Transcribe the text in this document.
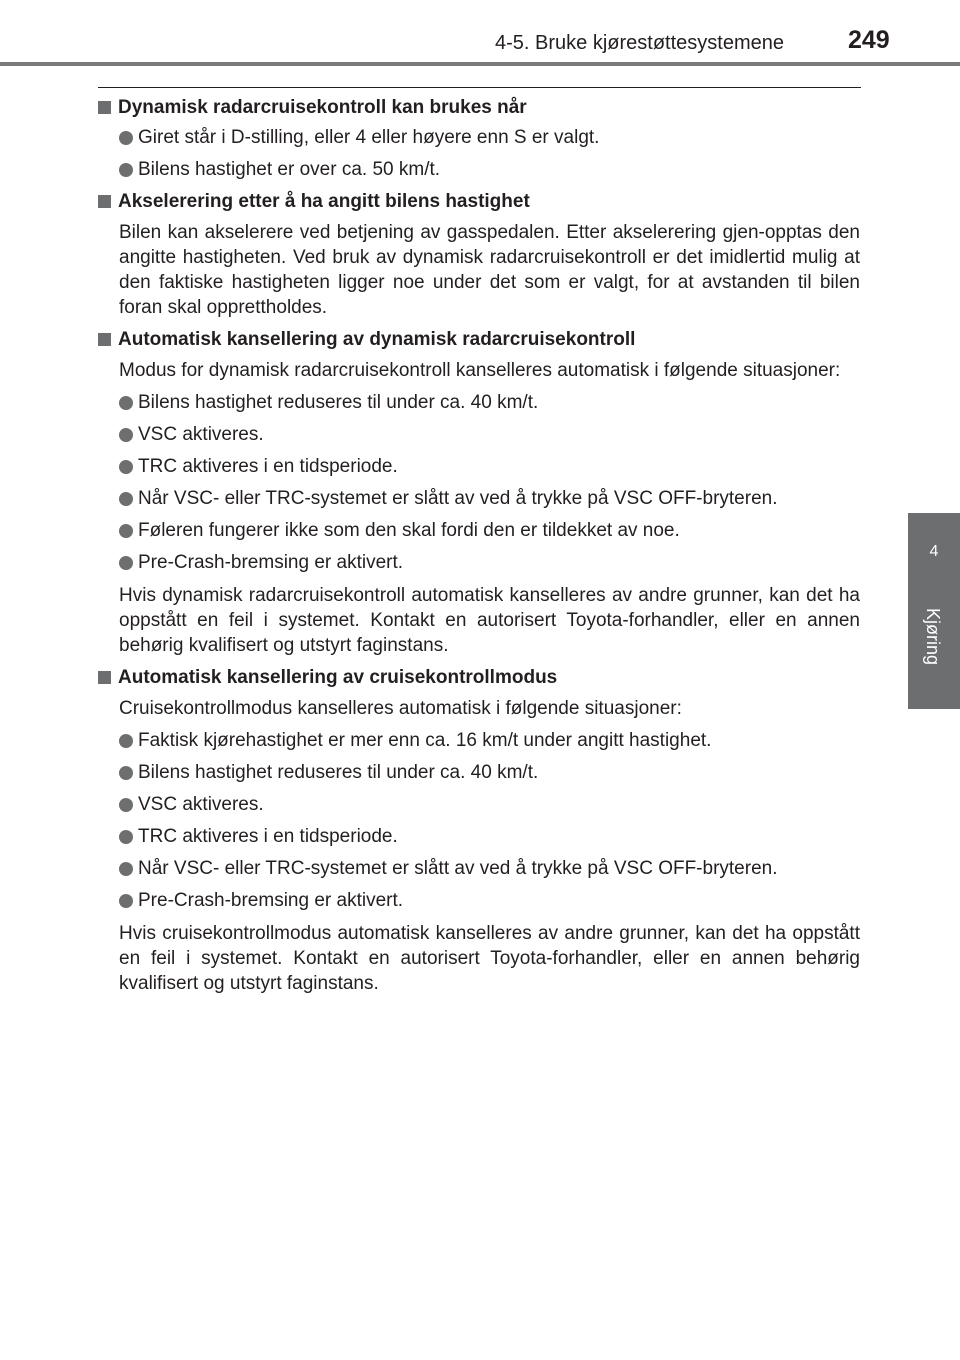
4-5. Bruke kjørestøttesystemene	249
4
Kjøring
Dynamisk radarcruisekontroll kan brukes når
Giret står i D-stilling, eller 4 eller høyere enn S er valgt.
Bilens hastighet er over ca. 50 km/t.
Akselerering etter å ha angitt bilens hastighet
Bilen kan akselerere ved betjening av gasspedalen. Etter akselerering gjen-opptas den angitte hastigheten. Ved bruk av dynamisk radarcruisekontroll er det imidlertid mulig at den faktiske hastigheten ligger noe under det som er valgt, for at avstanden til bilen foran skal opprettholdes.
Automatisk kansellering av dynamisk radarcruisekontroll
Modus for dynamisk radarcruisekontroll kanselleres automatisk i følgende situasjoner:
Bilens hastighet reduseres til under ca. 40 km/t.
VSC aktiveres.
TRC aktiveres i en tidsperiode.
Når VSC- eller TRC-systemet er slått av ved å trykke på VSC OFF-bryteren.
Føleren fungerer ikke som den skal fordi den er tildekket av noe.
Pre-Crash-bremsing er aktivert.
Hvis dynamisk radarcruisekontroll automatisk kanselleres av andre grunner, kan det ha oppstått en feil i systemet. Kontakt en autorisert Toyota-forhandler, eller en annen behørig kvalifisert og utstyrt faginstans.
Automatisk kansellering av cruisekontrollmodus
Cruisekontrollmodus kanselleres automatisk i følgende situasjoner:
Faktisk kjørehastighet er mer enn ca. 16 km/t under angitt hastighet.
Bilens hastighet reduseres til under ca. 40 km/t.
VSC aktiveres.
TRC aktiveres i en tidsperiode.
Når VSC- eller TRC-systemet er slått av ved å trykke på VSC OFF-bryteren.
Pre-Crash-bremsing er aktivert.
Hvis cruisekontrollmodus automatisk kanselleres av andre grunner, kan det ha oppstått en feil i systemet. Kontakt en autorisert Toyota-forhandler, eller en annen behørig kvalifisert og utstyrt faginstans.
